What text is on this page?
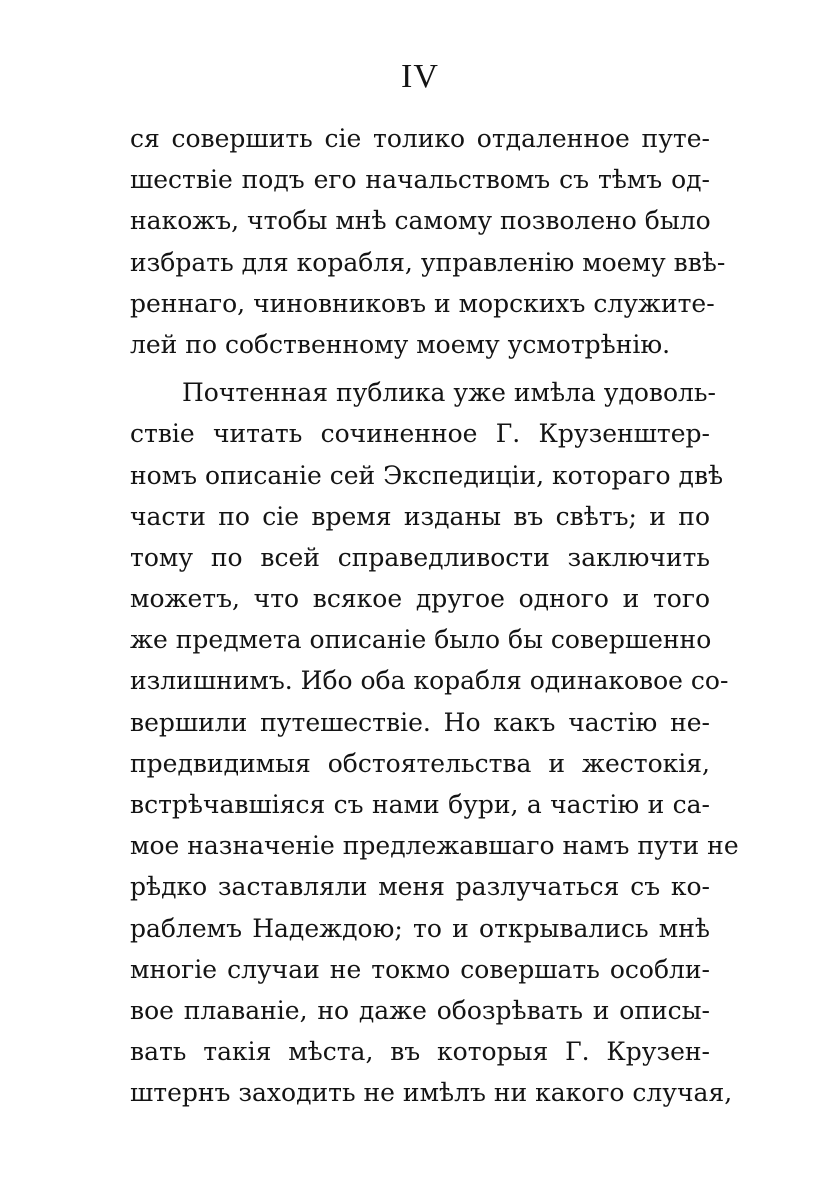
IV
ся совершить сіе толико отдаленное путе-
шествіе подъ его начальствомъ съ тѣмъ од-
накожъ, чтобы мнѣ самому позволено было
избрать для корабля, управленію моему ввѣ-
реннаго, чиновниковъ и морскихъ служите-
лей по собственному моему усмотрѣнію.
Почтенная публика уже имѣла удоволь-
ствіе читать сочиненное Г. Крузенштер-
номъ описаніе сей Экспедиціи, котораго двѣ
части по сіе время изданы въ свѣтъ; и по
тому по всей справедливости заключить
можетъ, что всякое другое одного и того
же предмета описаніе было бы совершенно
излишнимъ. Ибо оба корабля одинаковое со-
вершили путешествіе. Но какъ частію не-
предвидимыя обстоятельства и жестокія,
встрѣчавшіяся съ нами бури, а частію и са-
мое назначеніе предлежавшаго намъ пути не
рѣдко заставляли меня разлучаться съ ко-
раблемъ Надеждою; то и открывались мнѣ
многіе случаи не токмо совершать особли-
вое плаваніе, но даже обозрѣвать и описы-
вать такія мѣста, въ которыя Г. Крузен-
штернъ заходить не имѣлъ ни какого случая,
